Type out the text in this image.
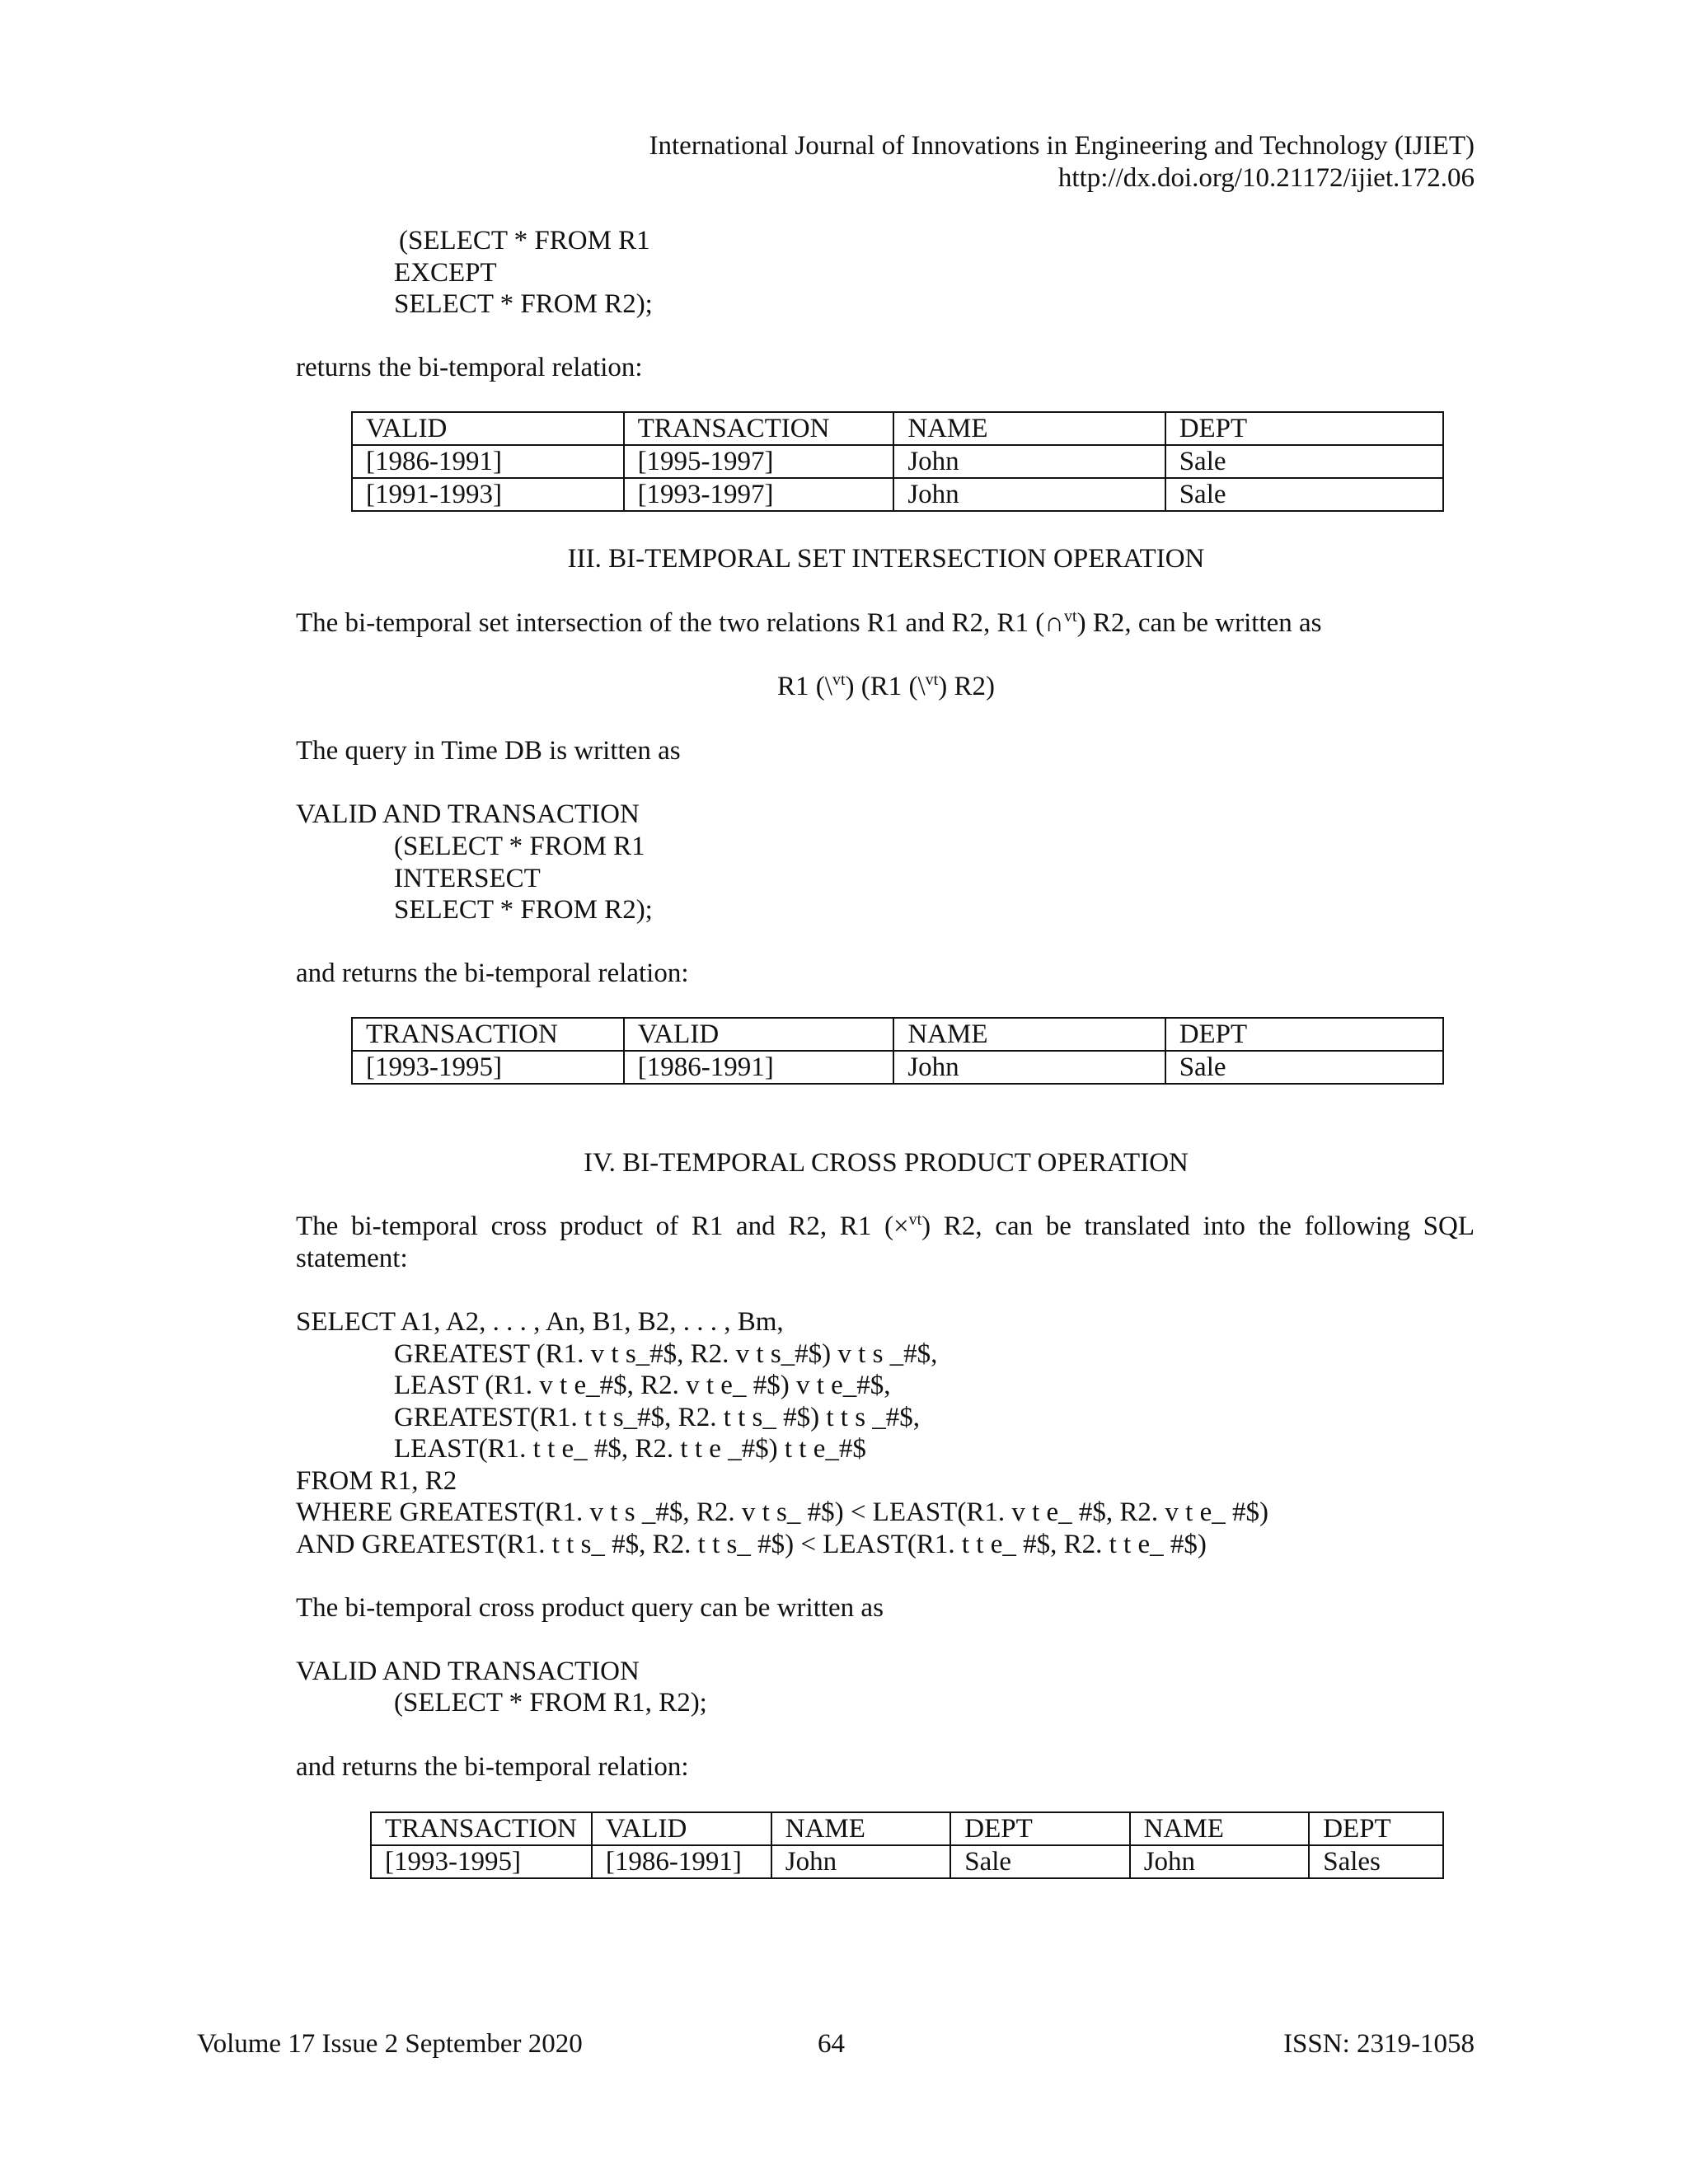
International Journal of Innovations in Engineering and Technology (IJIET)
http://dx.doi.org/10.21172/ijiet.172.06
(SELECT * FROM R1
EXCEPT
SELECT * FROM R2);
returns the bi-temporal relation:
VALID	TRANSACTION	NAME	DEPT
[1986-1991]	[1995-1997]	John	Sale
[1991-1993]	[1993-1997]	John	Sale
III. BI-TEMPORAL SET INTERSECTION OPERATION
The bi-temporal set intersection of the two relations R1 and R2, R1 (∩$^{vt}$) R2, can be written as
R1 (\$^{vt}$) (R1 (\$^{vt}$) R2)
The query in Time DB is written as
VALID AND TRANSACTION
(SELECT * FROM R1
INTERSECT
SELECT * FROM R2);
and returns the bi-temporal relation:
TRANSACTION	VALID	NAME	DEPT
[1993-1995]	[1986-1991]	John	Sale
IV. BI-TEMPORAL CROSS PRODUCT OPERATION
The bi-temporal cross product of R1 and R2, R1 (×$^{vt}$) R2, can be translated into the following SQL
statement:
SELECT A1, A2, . . . , An, B1, B2, . . . , Bm,
GREATEST (R1. v t s_#$, R2. v t s_#$) v t s _#$,
LEAST (R1. v t e_#$, R2. v t e_ #$) v t e_#$,
GREATEST(R1. t t s_#$, R2. t t s_ #$) t t s _#$,
LEAST(R1. t t e_ #$, R2. t t e _#$) t t e_#$
FROM R1, R2
WHERE GREATEST(R1. v t s _#$, R2. v t s_ #$) < LEAST(R1. v t e_ #$, R2. v t e_ #$)
AND GREATEST(R1. t t s_ #$, R2. t t s_ #$) < LEAST(R1. t t e_ #$, R2. t t e_ #$)
The bi-temporal cross product query can be written as
VALID AND TRANSACTION
(SELECT * FROM R1, R2);
and returns the bi-temporal relation:
TRANSACTION	VALID	NAME	DEPT	NAME	DEPT
[1993-1995]	[1986-1991]	John	Sale	John	Sales
Volume 17 Issue 2 September 2020	64	ISSN: 2319-1058
